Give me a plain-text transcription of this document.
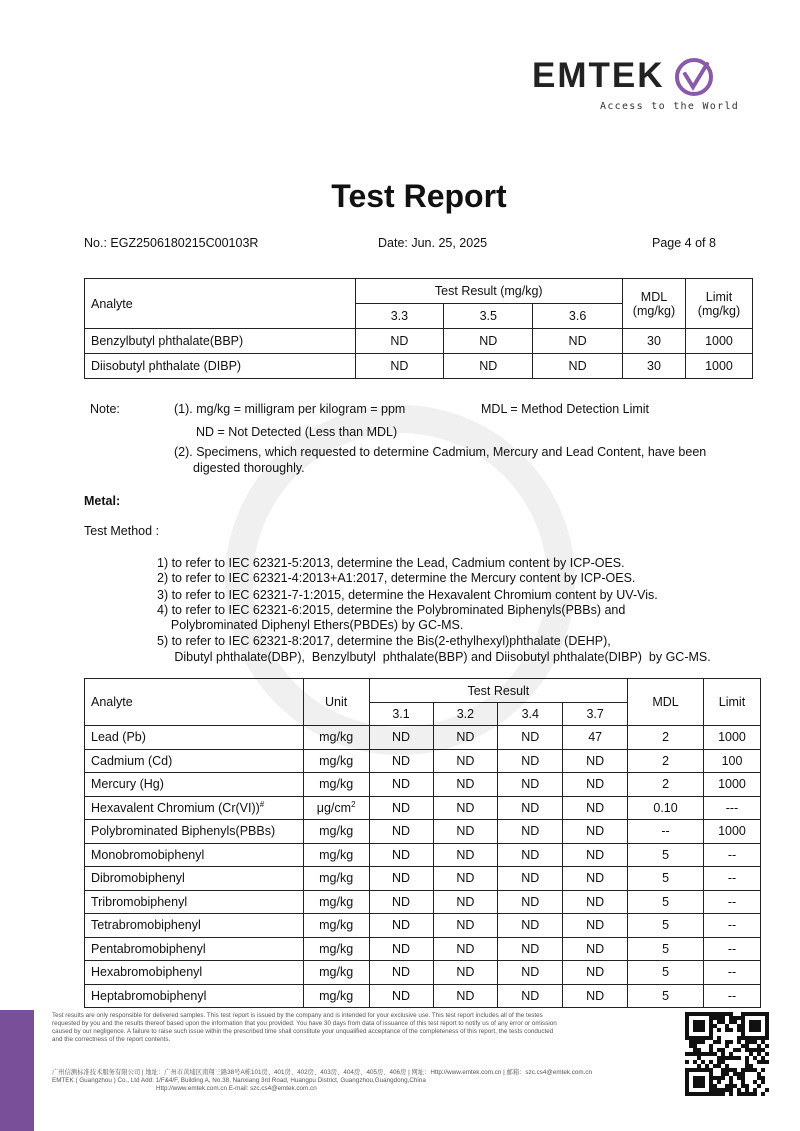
EMTEK
Access to the World
Test Report
No.: EGZ2506180215C00103R	Date: Jun. 25, 2025	Page 4 of 8
Analyte	Test Result (mg/kg)			MDL (mg/kg)	Limit (mg/kg)
	3.3	3.5	3.6		
Benzylbutyl phthalate(BBP)	ND	ND	ND	30	1000
Diisobutyl phthalate (DIBP)	ND	ND	ND	30	1000
Note:	(1). mg/kg = milligram per kilogram = ppm	MDL = Method Detection Limit
ND = Not Detected (Less than MDL)
(2). Specimens, which requested to determine Cadmium, Mercury and Lead Content, have been
digested thoroughly.
Metal:
Test Method :
1) to refer to IEC 62321-5:2013, determine the Lead, Cadmium content by ICP-OES.
2) to refer to IEC 62321-4:2013+A1:2017, determine the Mercury content by ICP-OES.
3) to refer to IEC 62321-7-1:2015, determine the Hexavalent Chromium content by UV-Vis.
4) to refer to IEC 62321-6:2015, determine the Polybrominated Biphenyls(PBBs) and
Polybrominated Diphenyl Ethers(PBDEs) by GC-MS.
5) to refer to IEC 62321-8:2017, determine the Bis(2-ethylhexyl)phthalate (DEHP),
Dibutyl phthalate(DBP),  Benzylbutyl  phthalate(BBP) and Diisobutyl phthalate(DIBP)  by GC-MS.
Analyte	Unit	Test Result				MDL	Limit
		3.1	3.2	3.4	3.7		
Lead (Pb)	mg/kg	ND	ND	ND	47	2	1000
Cadmium (Cd)	mg/kg	ND	ND	ND	ND	2	100
Mercury (Hg)	mg/kg	ND	ND	ND	ND	2	1000
Hexavalent Chromium (Cr(VI))#	$\mu g/cm^2$	ND	ND	ND	ND	0.10	---
Polybrominated Biphenyls(PBBs)	mg/kg	ND	ND	ND	ND	--	1000
Monobromobiphenyl	mg/kg	ND	ND	ND	ND	5	--
Dibromobiphenyl	mg/kg	ND	ND	ND	ND	5	--
Tribromobiphenyl	mg/kg	ND	ND	ND	ND	5	--
Tetrabromobiphenyl	mg/kg	ND	ND	ND	ND	5	--
Pentabromobiphenyl	mg/kg	ND	ND	ND	ND	5	--
Hexabromobiphenyl	mg/kg	ND	ND	ND	ND	5	--
Heptabromobiphenyl	mg/kg	ND	ND	ND	ND	5	--
Test results are only responsible for delivered samples. This test report is issued by the company and is intended for your exclusive use. This test report includes all of the testes
requested by you and the results thereof based upon the information that you provided. You have 30 days from data of issuance of this test report to notify us of any error or omission
caused by our negligence. A failure to raise such issue within the prescribed time shall constitute your unqualified acceptance of the completeness of this report, the tests conducted
and the correctness of the report contents.
广州信测标准技术服务有限公司 | 地址：广州市黄埔区南翔三路38号A栋101房、401房、402房、403房、404房、405房、406房 | 网址：Http://www.emtek.com.cn | 邮箱：szc.cs4@emtek.com.cn
EMTEK ( Guangzhou ) Co., Ltd Add: 1/F&4/F, Building A, No.38, Nanxiang 3rd Road, Huangpu District, Guangzhou,Guangdong,China
Http://www.emtek.com.cn E-mail: szc.cs4@emtek.com.cn
